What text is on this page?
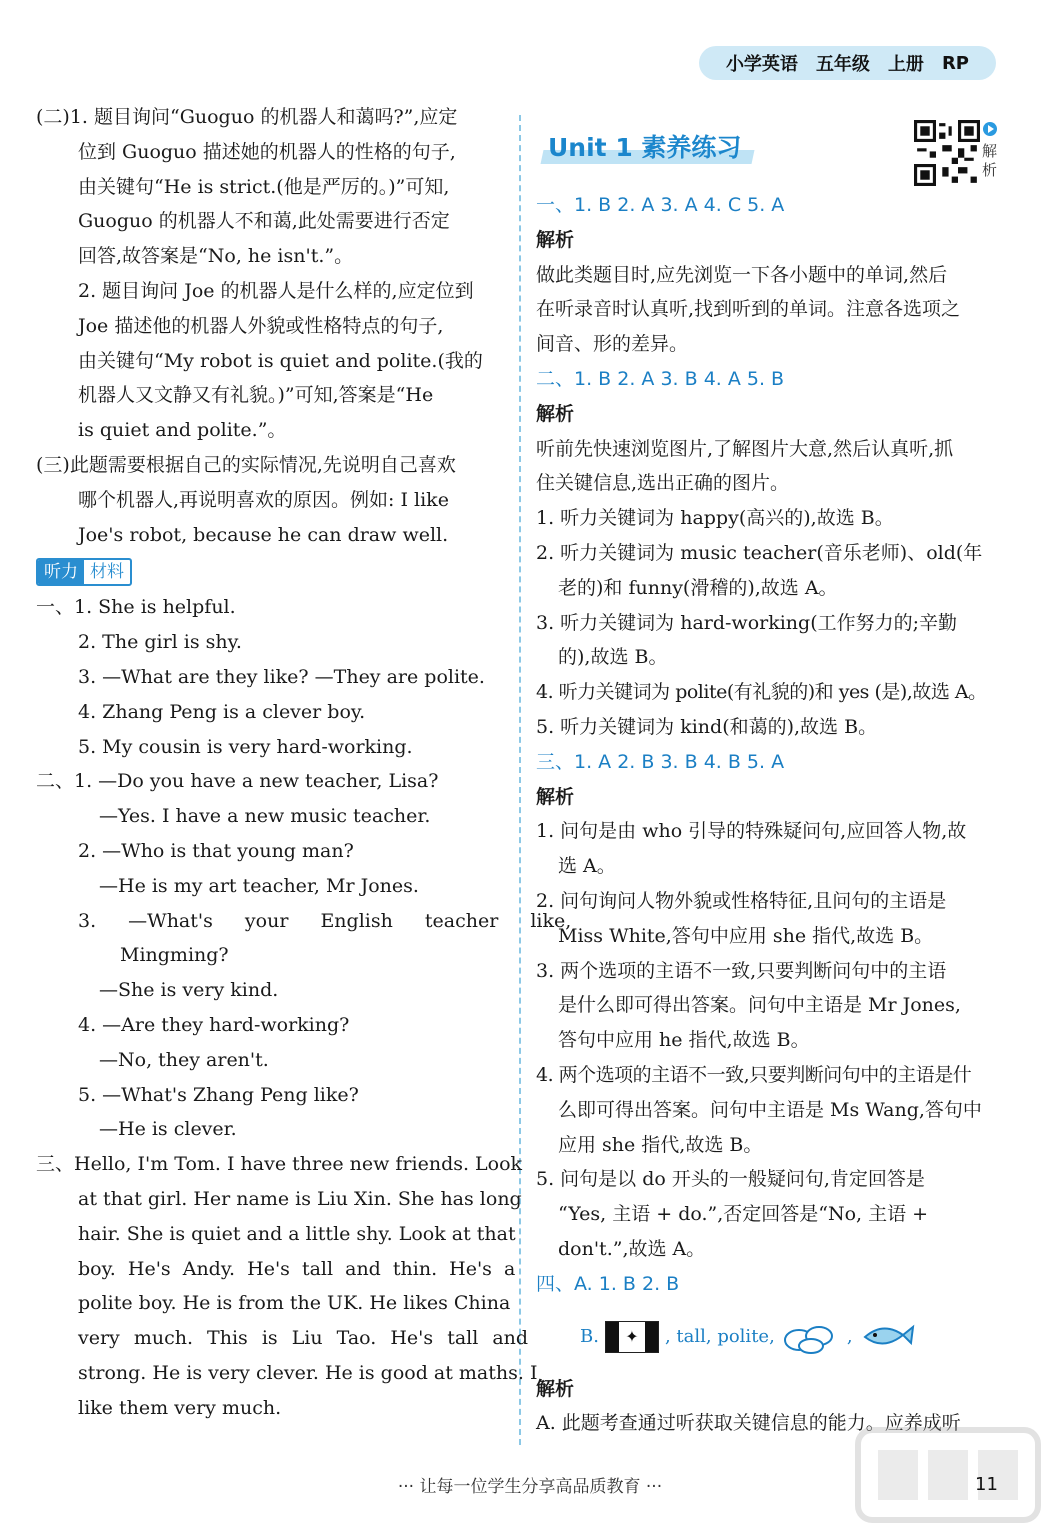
小学英语 五年级 上册 RP
(二)1. 题目询问“Guoguo 的机器人和蔼吗?”,应定
位到 Guoguo 描述她的机器人的性格的句子,
由关键句“He is strict.(他是严厉的。)”可知,
Guoguo 的机器人不和蔼,此处需要进行否定
回答,故答案是“No, he isn't.”。
2. 题目询问 Joe 的机器人是什么样的,应定位到
Joe 描述他的机器人外貌或性格特点的句子,
由关键句“My robot is quiet and polite.(我的
机器人又文静又有礼貌。)”可知,答案是“He
is quiet and polite.”。
(三)此题需要根据自己的实际情况,先说明自己喜欢
哪个机器人,再说明喜欢的原因。例如: I like
Joe's robot, because he can draw well.
听力 材料
一、1. She is helpful.
2. The girl is shy.
3. —What are they like? —They are polite.
4. Zhang Peng is a clever boy.
5. My cousin is very hard-working.
二、1. —Do you have a new teacher, Lisa?
—Yes. I have a new music teacher.
2. —Who is that young man?
—He is my art teacher, Mr Jones.
3. —What's your English teacher like,
Mingming?
—She is very kind.
4. —Are they hard-working?
—No, they aren't.
5. —What's Zhang Peng like?
—He is clever.
三、Hello, I'm Tom. I have three new friends. Look
at that girl. Her name is Liu Xin. She has long
hair. She is quiet and a little shy. Look at that
boy. He's Andy. He's tall and thin. He's a
polite boy. He is from the UK. He likes China
very much. This is Liu Tao. He's tall and
strong. He is very clever. He is good at maths. I
like them very much.
解析
Unit 1 素养练习
一、1. B 2. A 3. A 4. C 5. A
解析
做此类题目时,应先浏览一下各小题中的单词,然后
在听录音时认真听,找到听到的单词。注意各选项之
间音、形的差异。
二、1. B 2. A 3. B 4. A 5. B
解析
听前先快速浏览图片,了解图片大意,然后认真听,抓
住关键信息,选出正确的图片。
1. 听力关键词为 happy(高兴的),故选 B。
2. 听力关键词为 music teacher(音乐老师)、old(年
老的)和 funny(滑稽的),故选 A。
3. 听力关键词为 hard-working(工作努力的;辛勤
的),故选 B。
4. 听力关键词为 polite(有礼貌的)和 yes (是),故选 A。
5. 听力关键词为 kind(和蔼的),故选 B。
三、1. A 2. B 3. B 4. B 5. A
解析
1. 问句是由 who 引导的特殊疑问句,应回答人物,故
选 A。
2. 问句询问人物外貌或性格特征,且问句的主语是
Miss White,答句中应用 she 指代,故选 B。
3. 两个选项的主语不一致,只要判断问句中的主语
是什么即可得出答案。问句中主语是 Mr Jones,
答句中应用 he 指代,故选 B。
4. 两个选项的主语不一致,只要判断问句中的主语是什
么即可得出答案。问句中主语是 Ms Wang,答句中
应用 she 指代,故选 B。
5. 问句是以 do 开头的一般疑问句,肯定回答是
“Yes, 主语 + do.”,否定回答是“No, 主语 +
don't.”,故选 A。
四、A. 1. B 2. B
B.	✦	, tall, polite,	,
解析
A. 此题考查通过听获取关键信息的能力。应养成听
··· 让每一位学生分享高品质教育 ···	11
